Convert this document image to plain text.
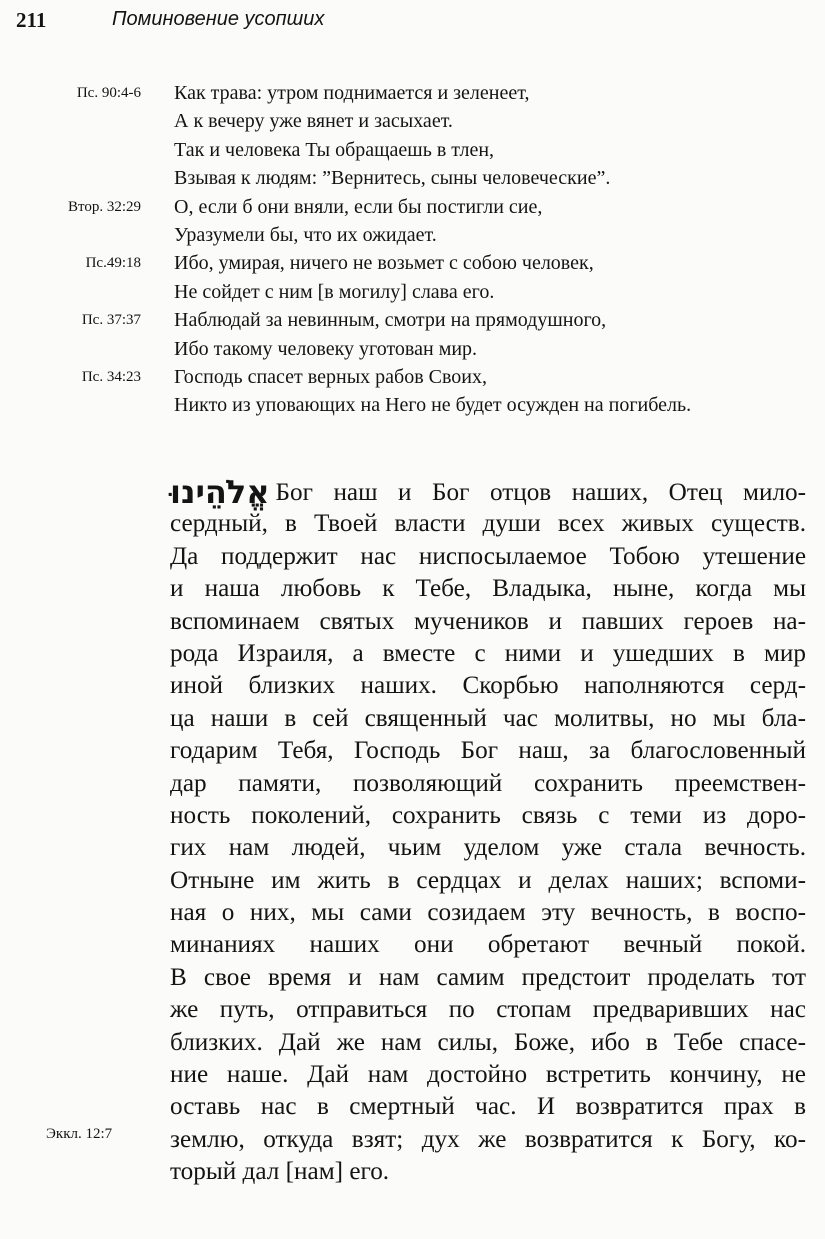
211	Поминовение усопших
Пс. 90:4-6 Как трава: утром поднимается и зеленеет,
А к вечеру уже вянет и засыхает.
Так и человека Ты обращаешь в тлен,
Взывая к людям: ”Вернитесь, сыны человеческие”.
Втор. 32:29 О, если б они вняли, если бы постигли сие,
Уразумели бы, что их ожидает.
Пс.49:18 Ибо, умирая, ничего не возьмет с собою человек,
Не сойдет с ним [в могилу] слава его.
Пс. 37:37 Наблюдай за невинным, смотри на прямодушного,
Ибо такому человеку уготован мир.
Пс. 34:23 Господь спасет верных рабов Своих,
Никто из уповающих на Него не будет осужден на погибель.
אֱלֹהֵינוּ Бог наш и Бог отцов наших, Отец мило-
сердный, в Твоей власти души всех живых существ.
Да поддержит нас ниспосылаемое Тобою утешение
и наша любовь к Тебе, Владыка, ныне, когда мы
вспоминаем святых мучеников и павших героев на-
рода Израиля, а вместе с ними и ушедших в мир
иной близких наших. Скорбью наполняются серд-
ца наши в сей священный час молитвы, но мы бла-
годарим Тебя, Господь Бог наш, за благословенный
дар памяти, позволяющий сохранить преемствен-
ность поколений, сохранить связь с теми из доро-
гих нам людей, чьим уделом уже стала вечность.
Отныне им жить в сердцах и делах наших; вспоми-
ная о них, мы сами созидаем эту вечность, в воспо-
минаниях наших они обретают вечный покой.
В свое время и нам самим предстоит проделать тот
же путь, отправиться по стопам предваривших нас
близких. Дай же нам силы, Боже, ибо в Тебе спасе-
ние наше. Дай нам достойно встретить кончину, не
оставь нас в смертный час. И возвратится прах в
землю, откуда взят; дух же возвратится к Богу, ко-
торый дал [нам] его.
Эккл. 12:7
